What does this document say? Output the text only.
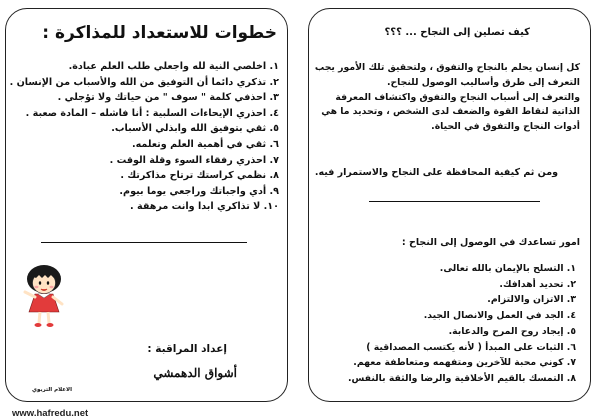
خطوات للاستعداد للمذاكرة :
١. اخلصي النية لله واجعلي طلب العلم عبادة.
٢. تذكري دائما أن التوفيق من الله والأسباب من الإنسان .
٣. احذفي كلمة " سوف " من حياتك ولا تؤجلي .
٤. احذري الإيحاءات السلبية : أنا فاشله – المادة صعبة .
٥. ثقي بتوفيق الله وابذلي الأسباب.
٦. ثقي في أهمية العلم وتعلمه.
٧. احذري رفقاء السوء وقلة الوقت .
٨. نظمي كراستك ترتاح مذاكرتك .
٩. أدي واجباتك وراجعي يوما بيوم.
١٠. لا تذاكري ابدا وانت مرهقة .
إعداد المراقبة :
أشواق الدهمشي
الاعلام التربوي
www.hafredu.net
كيف تصلين إلى النجاح ... ؟؟؟
كل إنسان يحلم بالنجاح والتفوق ، ولتحقيق تلك الأمور يجب
التعرف إلى طرق وأساليب الوصول للنجاح.
والتعرف إلى أسباب النجاح والتفوق واكتشاف المعرفة
الذاتية لنقاط القوة والضعف لدى الشخص ، وتحديد ما هي
أدوات النجاح والتفوق في الحياة.
ومن ثم كيفية المحافظة على النجاح والاستمرار فيه.
امور تساعدك في الوصول إلى النجاح :
١. التسلح بالإيمان بالله تعالى.
٢. تحديد أهدافك.
٣. الاتزان والالتزام.
٤. الجد في العمل والانصال الجيد.
٥. إيجاد روح المرح والدعابة.
٦. الثبات على المبدأ ( لأنه يكتسب المصداقية )
٧. كوني محبة للآخرين ومتفهمه ومتعاطفة معهم.
٨. التمسك بالقيم الأخلاقية والرضا والثقة بالنفس.
